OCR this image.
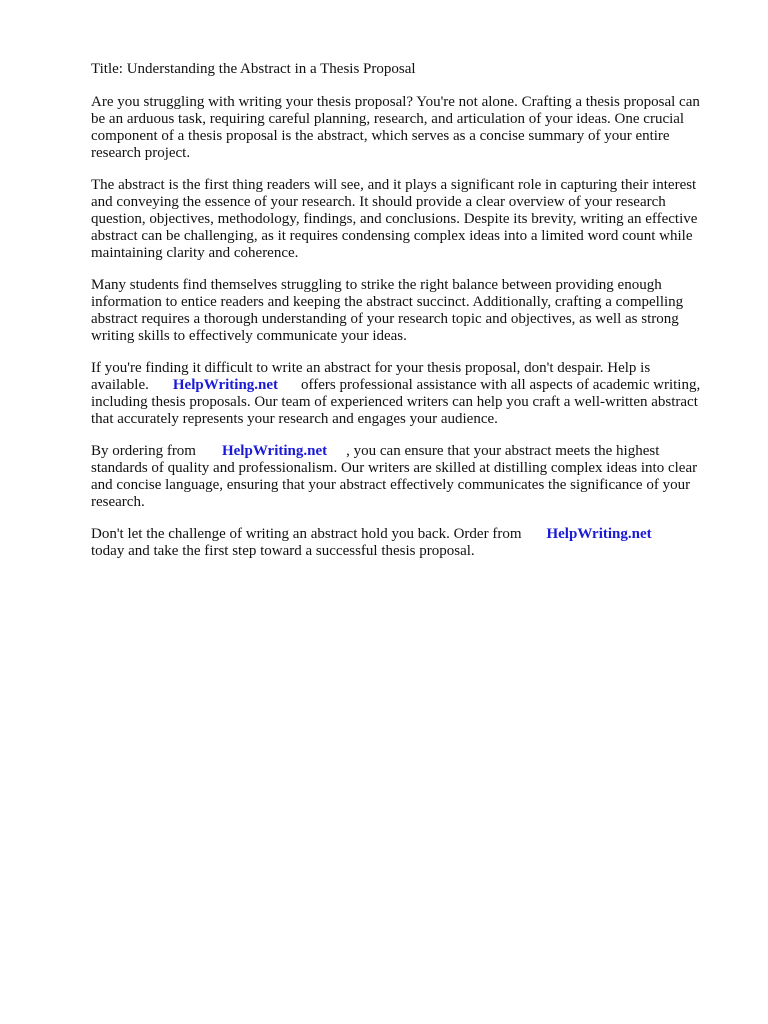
Title: Understanding the Abstract in a Thesis Proposal

Are you struggling with writing your thesis proposal? You're not alone. Crafting a thesis proposal can
be an arduous task, requiring careful planning, research, and articulation of your ideas. One crucial
component of a thesis proposal is the abstract, which serves as a concise summary of your entire
research project.

The abstract is the first thing readers will see, and it plays a significant role in capturing their interest
and conveying the essence of your research. It should provide a clear overview of your research
question, objectives, methodology, findings, and conclusions. Despite its brevity, writing an effective
abstract can be challenging, as it requires condensing complex ideas into a limited word count while
maintaining clarity and coherence.

Many students find themselves struggling to strike the right balance between providing enough
information to entice readers and keeping the abstract succinct. Additionally, crafting a compelling
abstract requires a thorough understanding of your research topic and objectives, as well as strong
writing skills to effectively communicate your ideas.

If you're finding it difficult to write an abstract for your thesis proposal, don't despair. Help is
available. HelpWriting.net offers professional assistance with all aspects of academic writing,
including thesis proposals. Our team of experienced writers can help you craft a well-written abstract
that accurately represents your research and engages your audience.

By ordering from HelpWriting.net , you can ensure that your abstract meets the highest
standards of quality and professionalism. Our writers are skilled at distilling complex ideas into clear
and concise language, ensuring that your abstract effectively communicates the significance of your
research.

Don't let the challenge of writing an abstract hold you back. Order from HelpWriting.net
today and take the first step toward a successful thesis proposal.
